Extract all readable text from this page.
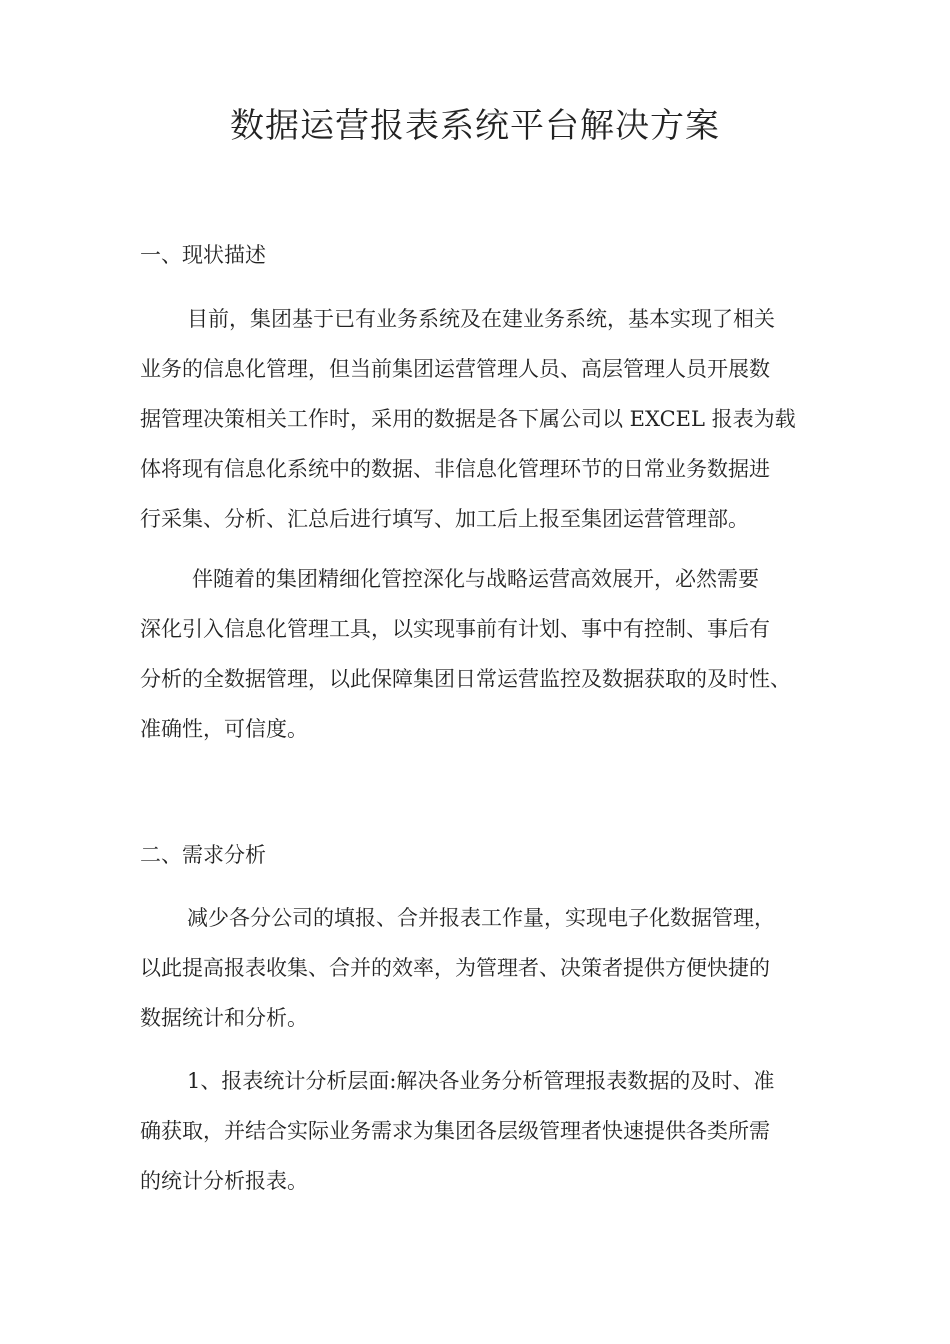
数据运营报表系统平台解决方案
一、现状描述
目前，集团基于已有业务系统及在建业务系统，基本实现了相关
业务的信息化管理，但当前集团运营管理人员、高层管理人员开展数
据管理决策相关工作时，采用的数据是各下属公司以 EXCEL 报表为载
体将现有信息化系统中的数据、非信息化管理环节的日常业务数据进
行采集、分析、汇总后进行填写、加工后上报至集团运营管理部。
伴随着的集团精细化管控深化与战略运营高效展开，必然需要
深化引入信息化管理工具，以实现事前有计划、事中有控制、事后有
分析的全数据管理，以此保障集团日常运营监控及数据获取的及时性、
准确性，可信度。
二、需求分析
减少各分公司的填报、合并报表工作量，实现电子化数据管理，
以此提高报表收集、合并的效率，为管理者、决策者提供方便快捷的
数据统计和分析。
1、报表统计分析层面:解决各业务分析管理报表数据的及时、准
确获取，并结合实际业务需求为集团各层级管理者快速提供各类所需
的统计分析报表。
